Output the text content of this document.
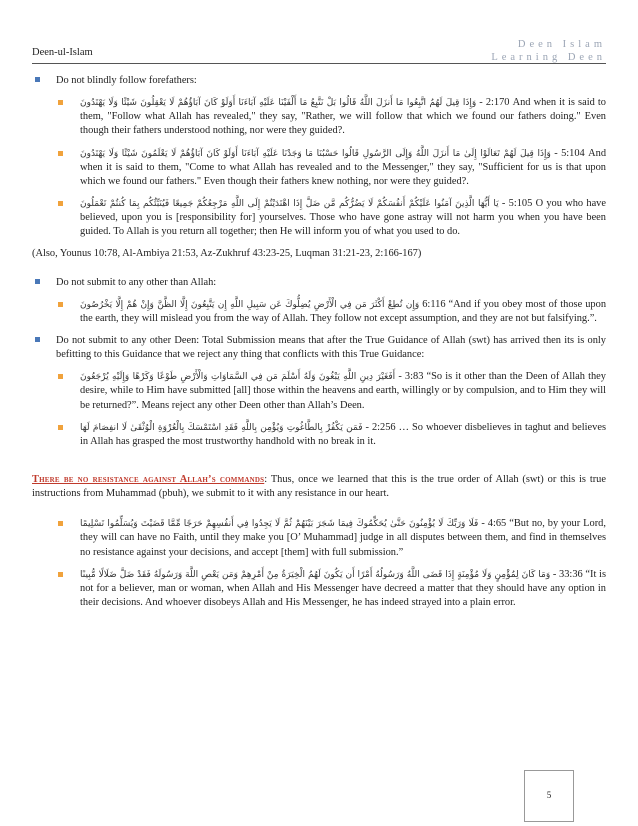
Deen-ul-Islam
Deen Islam
Learning Deen
Do not blindly follow forefathers:
وَإِذَا قِيلَ لَهُمُ اتَّبِعُوا مَا أَنزَلَ اللَّهُ قَالُوا بَلْ نَتَّبِعُ مَا أَلْفَيْنَا عَلَيْهِ آبَاءَنَا أَوَلَوْ كَانَ آبَاؤُهُمْ لَا يَعْقِلُونَ شَيْئًا وَلَا يَهْتَدُونَ - 2:170 And when it is said to them, "Follow what Allah has revealed," they say, "Rather, we will follow that which we found our fathers doing." Even though their fathers understood nothing, nor were they guided?.
وَإِذَا قِيلَ لَهُمْ تَعَالَوْا إِلَىٰ مَا أَنزَلَ اللَّهُ وَإِلَى الرَّسُولِ قَالُوا حَسْبُنَا مَا وَجَدْنَا عَلَيْهِ آبَاءَنَا أَوَلَوْ كَانَ آبَاؤُهُمْ لَا يَعْلَمُونَ شَيْئًا وَلَا يَهْتَدُونَ - 5:104 And when it is said to them, "Come to what Allah has revealed and to the Messenger," they say, "Sufficient for us is that upon which we found our fathers." Even though their fathers knew nothing, nor were they guided?.
يَا أَيُّهَا الَّذِينَ آمَنُوا عَلَيْكُمْ أَنفُسَكُمْ لَا يَضُرُّكُم مَّن ضَلَّ إِذَا اهْتَدَيْتُمْ إِلَى اللَّهِ مَرْجِعُكُمْ جَمِيعًا فَيُنَبِّئُكُم بِمَا كُنتُمْ تَعْمَلُونَ - 5:105 O you who have believed, upon you is [responsibility for] yourselves. Those who have gone astray will not harm you when you have been guided. To Allah is you return all together; then He will inform you of what you used to do.
(Also, Younus 10:78, Al-Ambiya 21:53, Az-Zukhruf 43:23-25, Luqman 31:21-23, 2:166-167)
Do not submit to any other than Allah:
وَإِن تُطِعْ أَكْثَرَ مَن فِي الْأَرْضِ يُضِلُّوكَ عَن سَبِيلِ اللَّهِ إِن يَتَّبِعُونَ إِلَّا الظَّنَّ وَإِنْ هُمْ إِلَّا يَخْرُصُونَ 6:116 “And if you obey most of those upon the earth, they will mislead you from the way of Allah. They follow not except assumption, and they are not but falsifying.”.
Do not submit to any other Deen: Total Submission means that after the True Guidance of Allah (swt) has arrived then its is only befitting to this Guidance that we reject any thing that conflicts with this True Guidance:
أَفَغَيْرَ دِينِ اللَّهِ يَبْغُونَ وَلَهُ أَسْلَمَ مَن فِي السَّمَاوَاتِ وَالْأَرْضِ طَوْعًا وَكَرْهًا وَإِلَيْهِ يُرْجَعُونَ - 3:83 “So is it other than the Deen of Allah they desire, while to Him have submitted [all] those within the heavens and earth, willingly or by compulsion, and to Him they will be returned?”. Means reject any other Deen other than Allah’s Deen.
فَمَن يَكْفُرْ بِالطَّاغُوتِ وَيُؤْمِن بِاللَّهِ فَقَدِ اسْتَمْسَكَ بِالْعُرْوَةِ الْوُثْقَىٰ لَا انفِصَامَ لَهَا - 2:256 … So whoever disbelieves in taghut and believes in Allah has grasped the most trustworthy handhold with no break in it.
There be no resistance against Allah’s commands: Thus, once we learned that this is the true order of Allah (swt) or this is true instructions from Muhammad (pbuh), we submit to it with any resistance in our heart.
فَلَا وَرَبِّكَ لَا يُؤْمِنُونَ حَتَّىٰ يُحَكِّمُوكَ فِيمَا شَجَرَ بَيْنَهُمْ ثُمَّ لَا يَجِدُوا فِي أَنفُسِهِمْ حَرَجًا مِّمَّا قَضَيْتَ وَيُسَلِّمُوا تَسْلِيمًا - 4:65 “But no, by your Lord, they will can have no Faith, until they make you [O’ Muhammad] judge in all disputes between them, and find in themselves no resistance against your decisions, and accept [them] with full submission.”
وَمَا كَانَ لِمُؤْمِنٍ وَلَا مُؤْمِنَةٍ إِذَا قَضَى اللَّهُ وَرَسُولُهُ أَمْرًا أَن يَكُونَ لَهُمُ الْخِيَرَةُ مِنْ أَمْرِهِمْ وَمَن يَعْصِ اللَّهَ وَرَسُولَهُ فَقَدْ ضَلَّ ضَلَالًا مُّبِينًا - 33:36 “It is not for a believer, man or woman, when Allah and His Messenger have decreed a matter that they should have any option in their decisions. And whoever disobeys Allah and His Messenger, he has indeed strayed into a plain error.
5
